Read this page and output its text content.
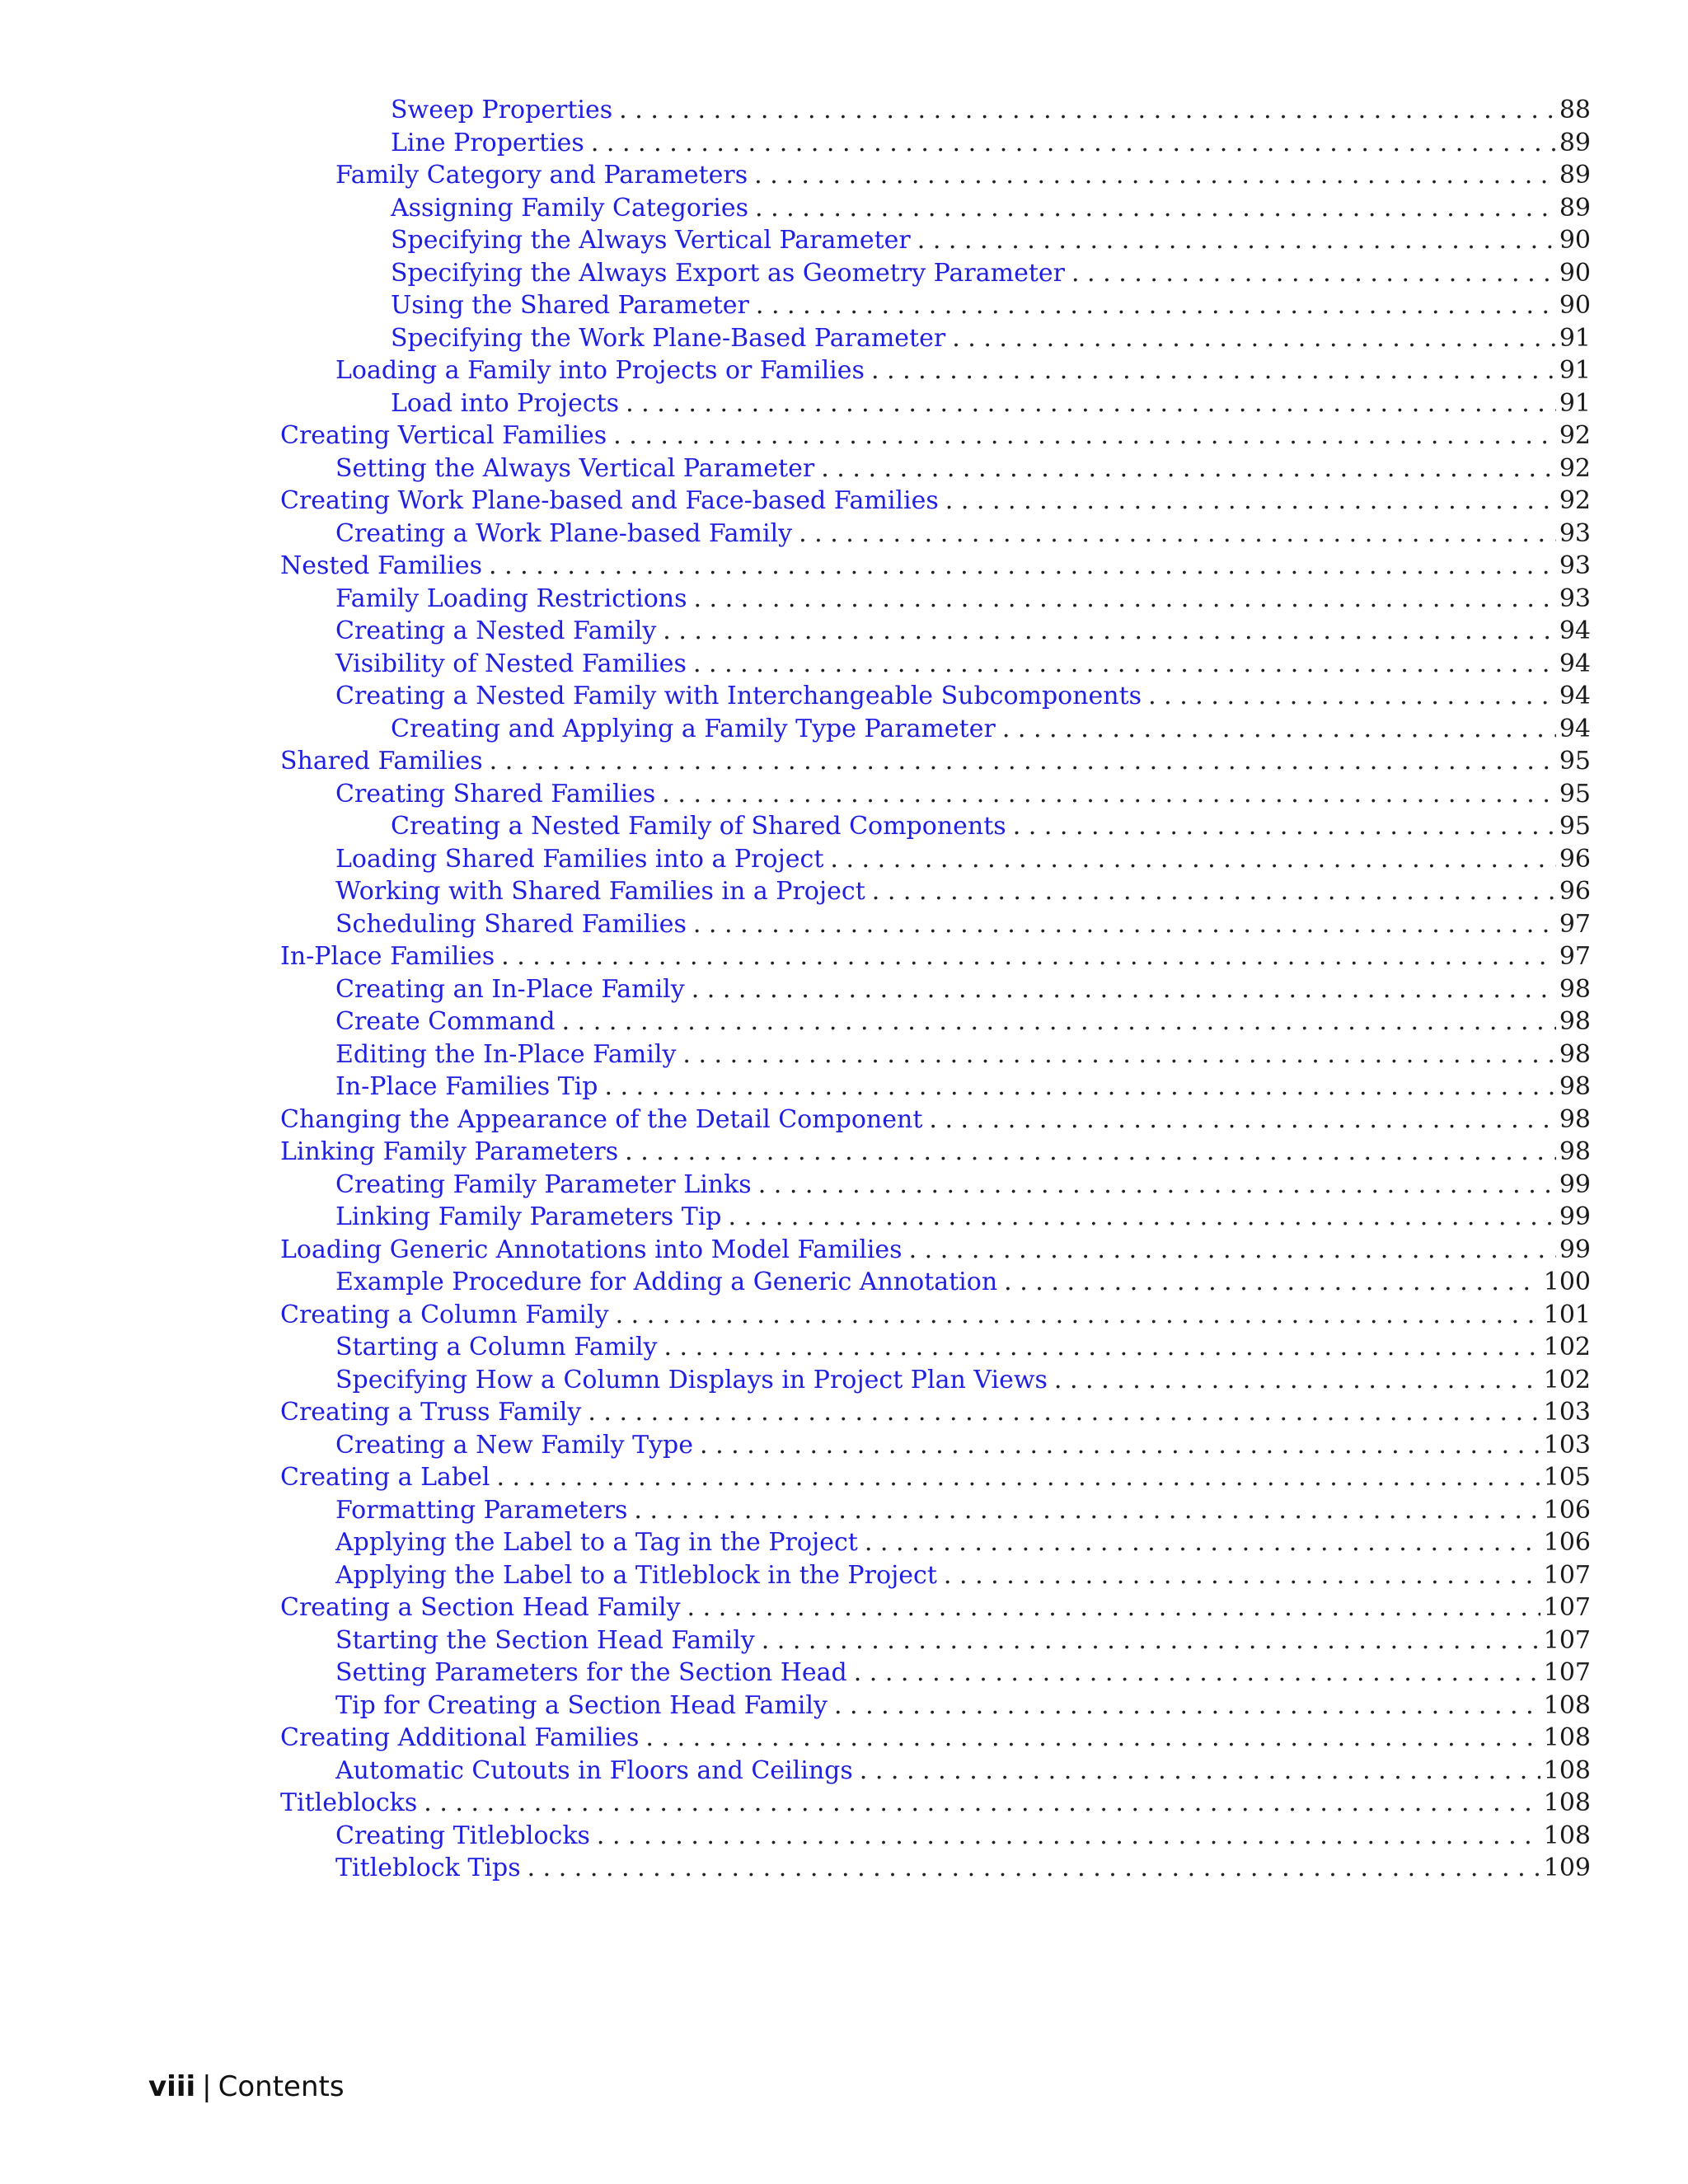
Sweep Properties . . .	88
Line Properties . . .	89
Family Category and Parameters . . .	89
Assigning Family Categories . . .	89
Specifying the Always Vertical Parameter . . .	90
Specifying the Always Export as Geometry Parameter . . .	90
Using the Shared Parameter . . .	90
Specifying the Work Plane-Based Parameter . . .	91
Loading a Family into Projects or Families . . .	91
Load into Projects . . .	91
Creating Vertical Families . . .	92
Setting the Always Vertical Parameter . . .	92
Creating Work Plane-based and Face-based Families . . .	92
Creating a Work Plane-based Family . . .	93
Nested Families . . .	93
Family Loading Restrictions . . .	93
Creating a Nested Family . . .	94
Visibility of Nested Families . . .	94
Creating a Nested Family with Interchangeable Subcomponents . . .	94
Creating and Applying a Family Type Parameter . . .	94
Shared Families . . .	95
Creating Shared Families . . .	95
Creating a Nested Family of Shared Components . . .	95
Loading Shared Families into a Project . . .	96
Working with Shared Families in a Project . . .	96
Scheduling Shared Families . . .	97
In-Place Families . . .	97
Creating an In-Place Family . . .	98
Create Command . . .	98
Editing the In-Place Family . . .	98
In-Place Families Tip . . .	98
Changing the Appearance of the Detail Component . . .	98
Linking Family Parameters . . .	98
Creating Family Parameter Links . . .	99
Linking Family Parameters Tip . . .	99
Loading Generic Annotations into Model Families . . .	99
Example Procedure for Adding a Generic Annotation . . .	100
Creating a Column Family . . .	101
Starting a Column Family . . .	102
Specifying How a Column Displays in Project Plan Views . . .	102
Creating a Truss Family . . .	103
Creating a New Family Type . . .	103
Creating a Label . . .	105
Formatting Parameters . . .	106
Applying the Label to a Tag in the Project . . .	106
Applying the Label to a Titleblock in the Project . . .	107
Creating a Section Head Family . . .	107
Starting the Section Head Family . . .	107
Setting Parameters for the Section Head . . .	107
Tip for Creating a Section Head Family . . .	108
Creating Additional Families . . .	108
Automatic Cutouts in Floors and Ceilings . . .	108
Titleblocks . . .	108
Creating Titleblocks . . .	108
Titleblock Tips . . .	109
viii | Contents
